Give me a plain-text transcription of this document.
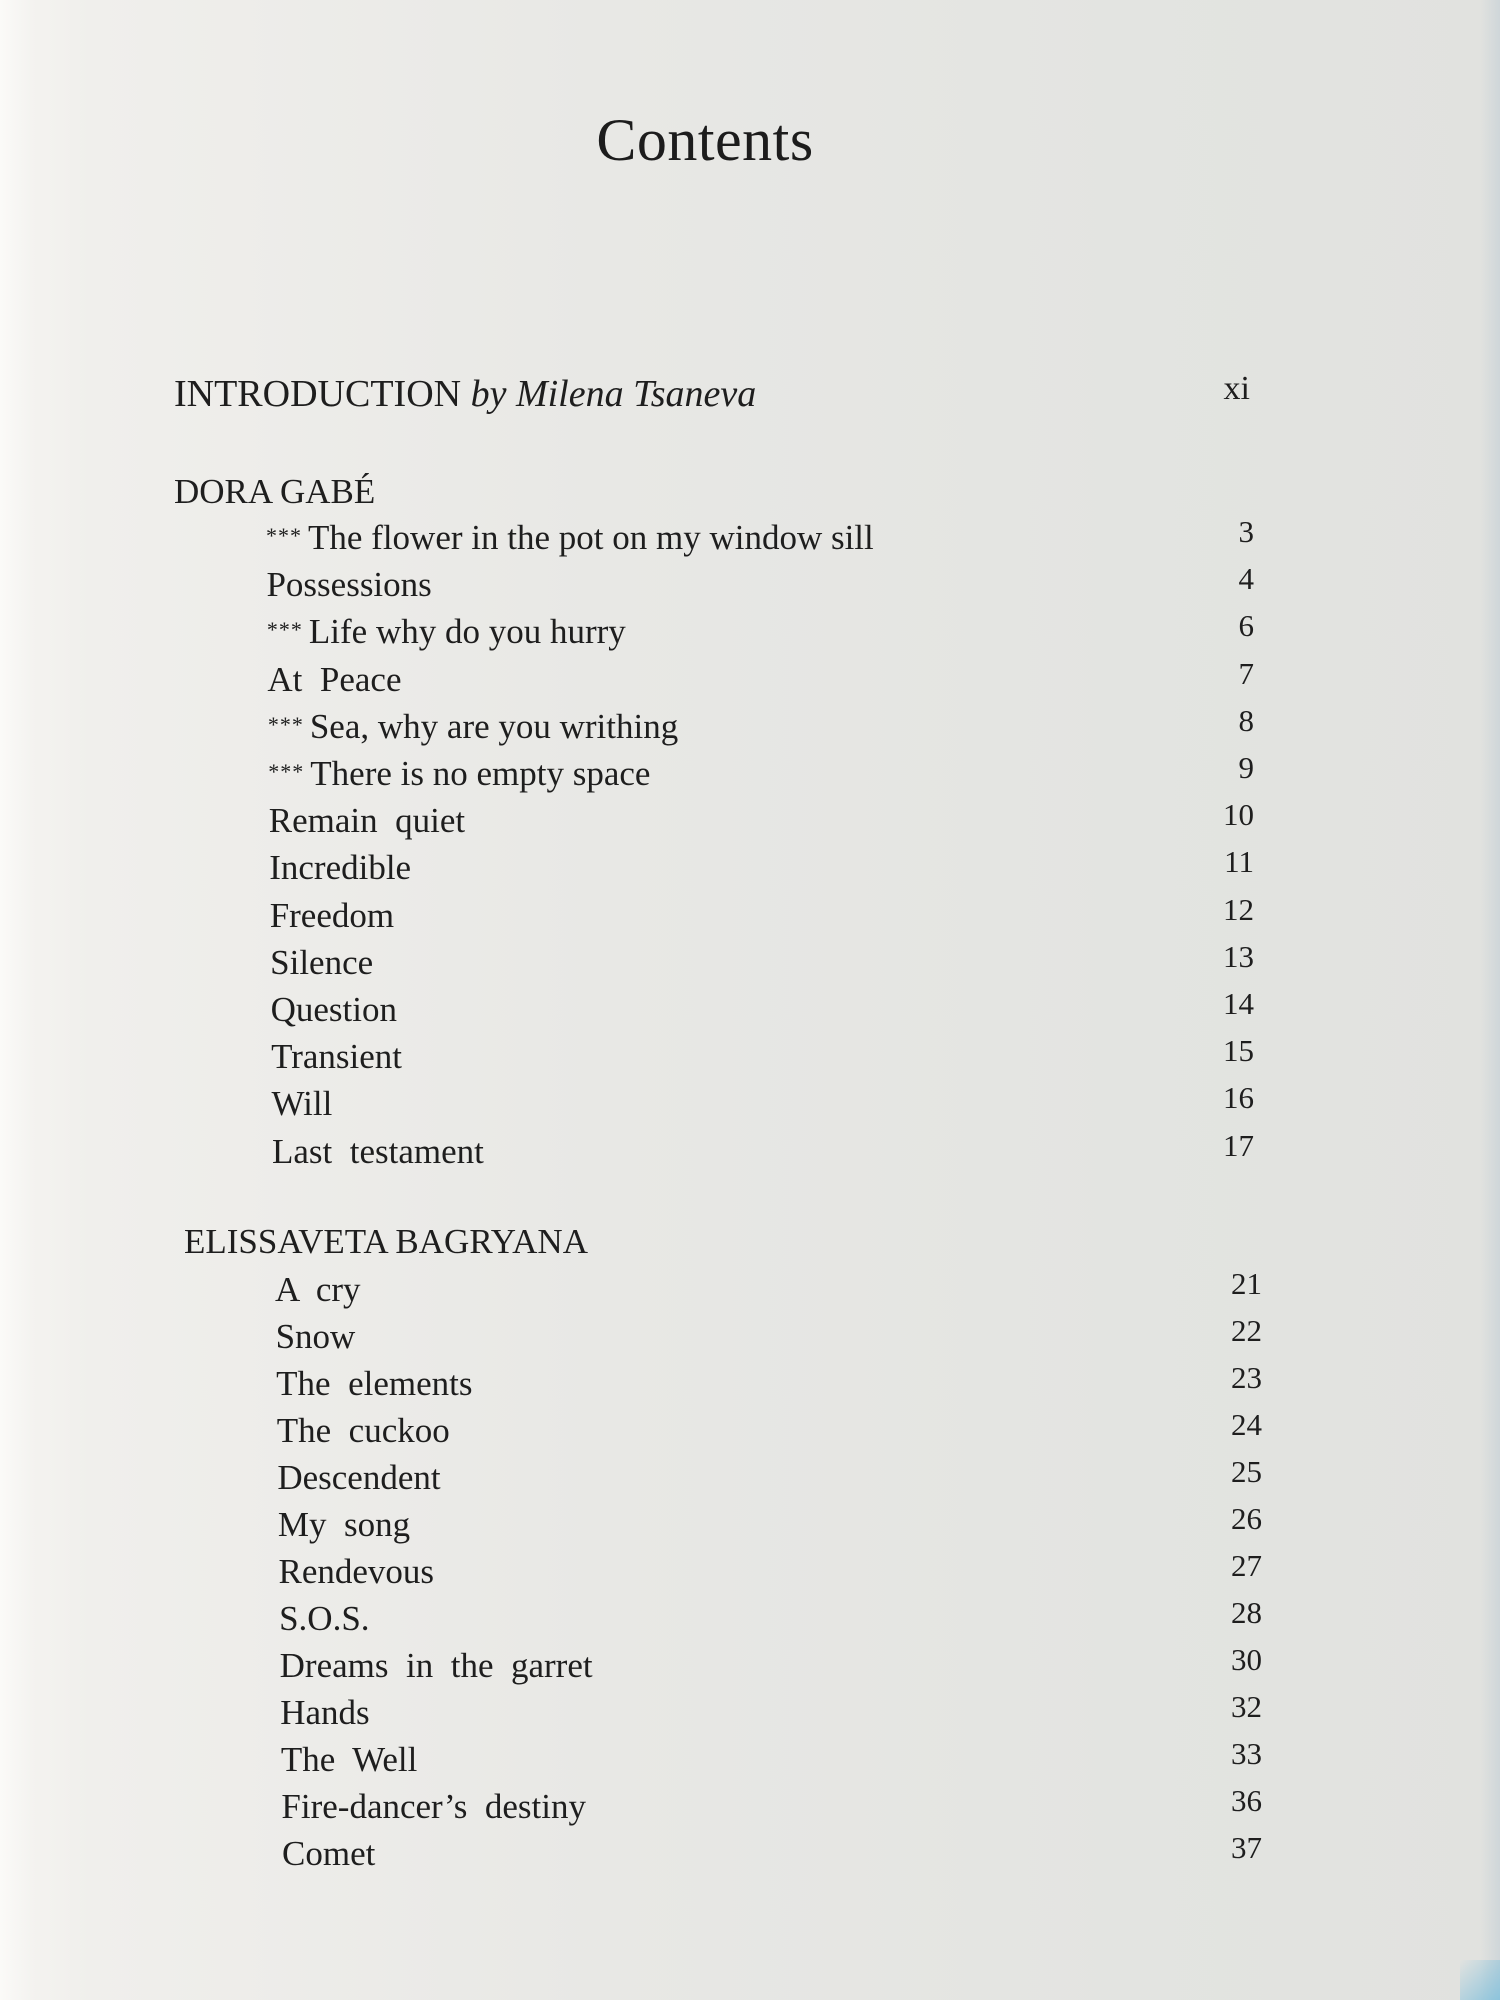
Contents
INTRODUCTION by Milena Tsaneva	xi
DORA GABÉ
*** The flower in the pot on my window sill	3
Possessions	4
*** Life why do you hurry	6
At  Peace	7
*** Sea, why are you writhing	8
*** There is no empty space	9
Remain  quiet	10
Incredible	11
Freedom	12
Silence	13
Question	14
Transient	15
Will	16
Last  testament	17
ELISSAVETA BAGRYANA
A  cry	21
Snow	22
The  elements	23
The  cuckoo	24
Descendent	25
My  song	26
Rendevous	27
S.O.S.	28
Dreams  in  the  garret	30
Hands	32
The  Well	33
Fire-dancer’s  destiny	36
Comet	37
